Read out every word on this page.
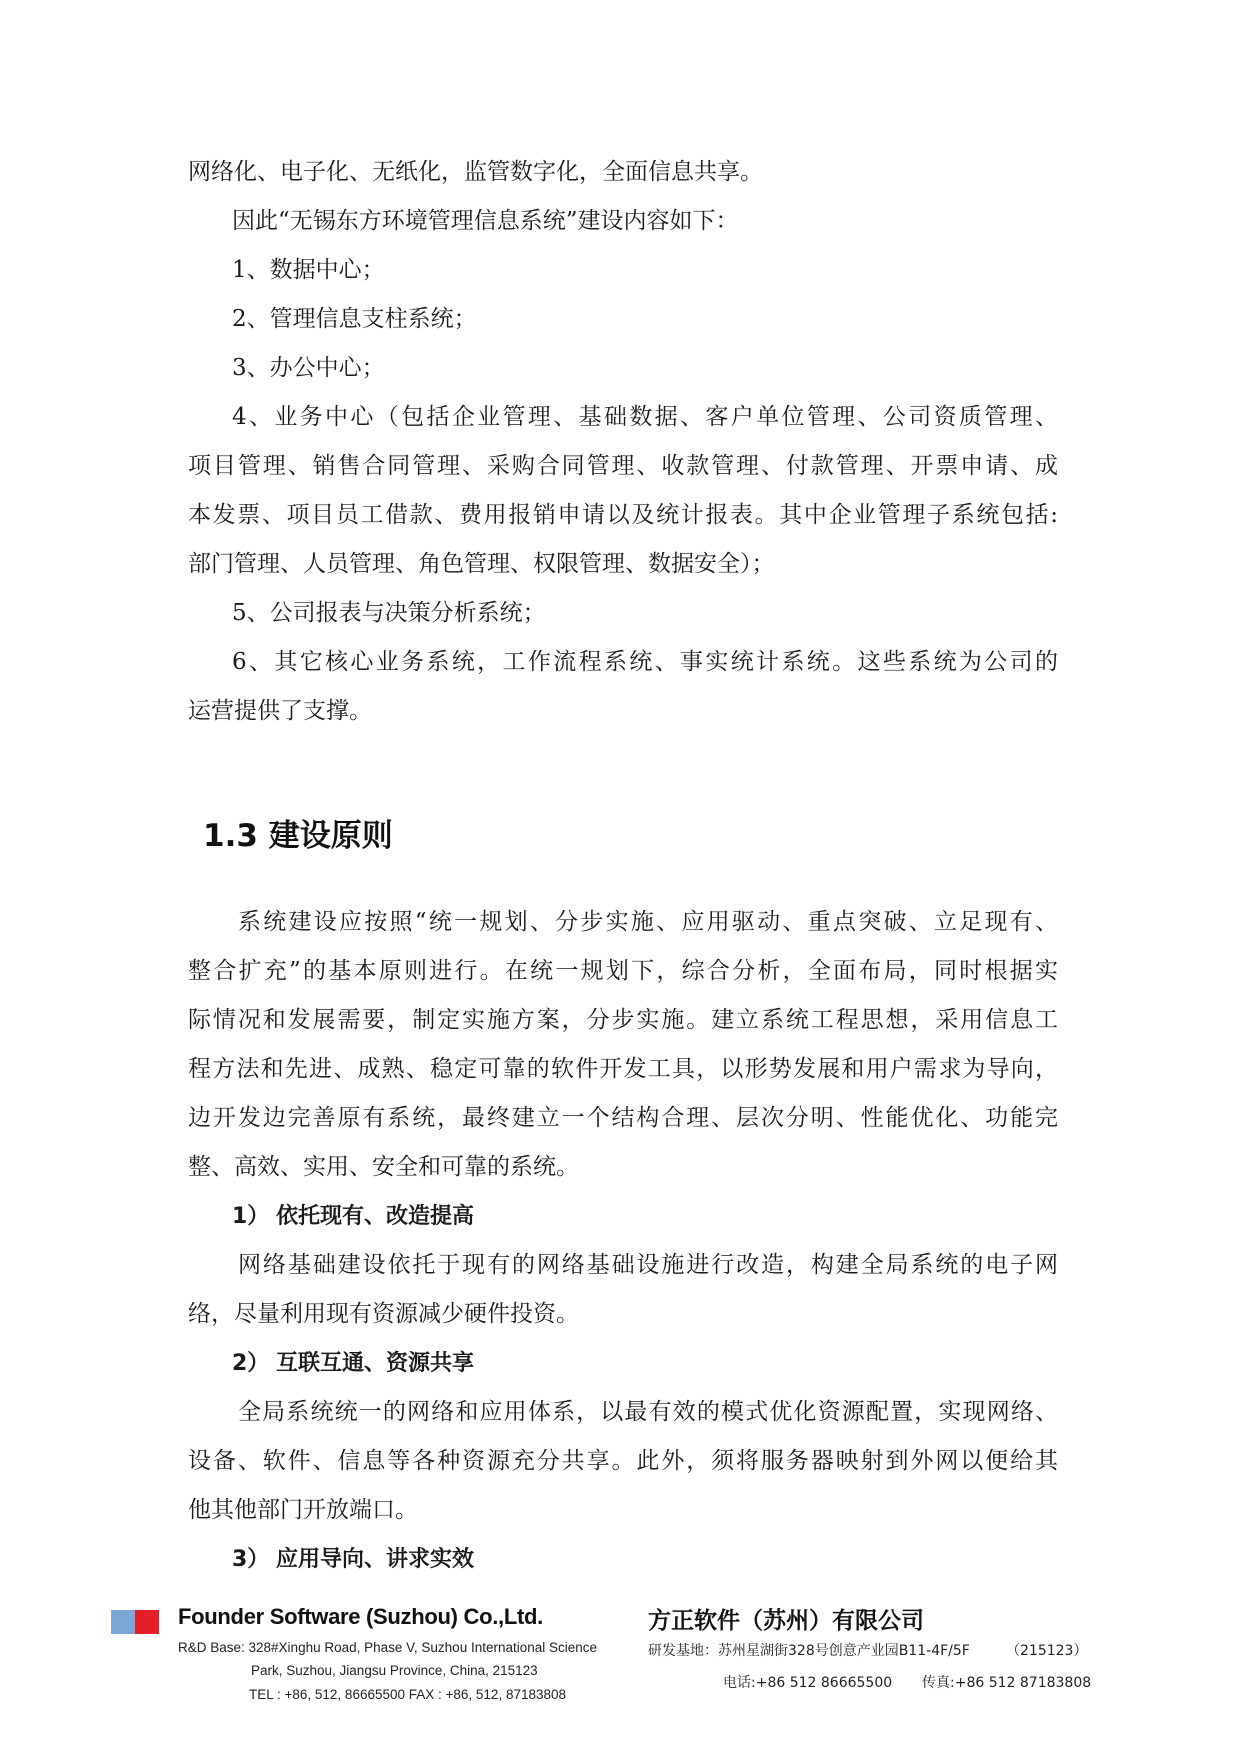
网络化、电子化、无纸化，监管数字化，全面信息共享。
因此“无锡东方环境管理信息系统”建设内容如下：
1、数据中心；
2、管理信息支柱系统；
3、办公中心；
4、业务中心（包括企业管理、基础数据、客户单位管理、公司资质管理、
项目管理、销售合同管理、采购合同管理、收款管理、付款管理、开票申请、成
本发票、项目员工借款、费用报销申请以及统计报表。其中企业管理子系统包括:
部门管理、人员管理、角色管理、权限管理、数据安全）；
5、公司报表与决策分析系统；
6、其它核心业务系统，工作流程系统、事实统计系统。这些系统为公司的
运营提供了支撑。
1.3 建设原则
系统建设应按照“统一规划、分步实施、应用驱动、重点突破、立足现有、
整合扩充”的基本原则进行。在统一规划下，综合分析，全面布局，同时根据实
际情况和发展需要，制定实施方案，分步实施。建立系统工程思想，采用信息工
程方法和先进、成熟、稳定可靠的软件开发工具，以形势发展和用户需求为导向，
边开发边完善原有系统，最终建立一个结构合理、层次分明、性能优化、功能完
整、高效、实用、安全和可靠的系统。
1） 依托现有、改造提高
网络基础建设依托于现有的网络基础设施进行改造，构建全局系统的电子网
络，尽量利用现有资源减少硬件投资。
2） 互联互通、资源共享
全局系统统一的网络和应用体系，以最有效的模式优化资源配置，实现网络、
设备、软件、信息等各种资源充分共享。此外，须将服务器映射到外网以便给其
他其他部门开放端口。
3） 应用导向、讲求实效
Founder Software (Suzhou) Co.,Ltd.
R&D Base: 328#Xinghu Road, Phase V, Suzhou International Science
Park, Suzhou, Jiangsu Province, China, 215123
TEL : +86, 512, 86665500 FAX : +86, 512, 87183808
方正软件（苏州）有限公司
研发基地：苏州星湖街328号创意产业园B11-4F/5F	（215123）
电话:+86 512 86665500 传真:+86 512 87183808
